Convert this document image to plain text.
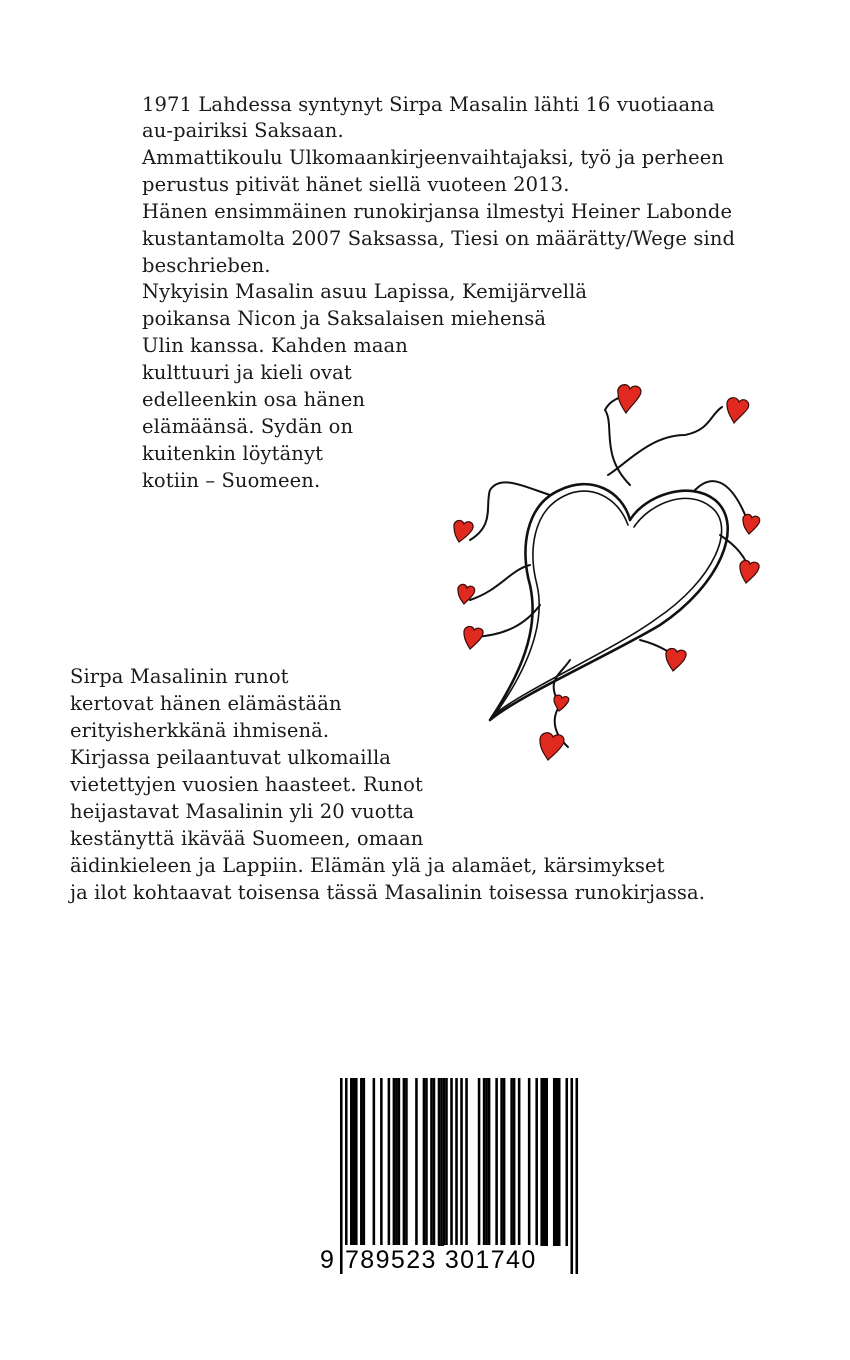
1971 Lahdessa syntynyt Sirpa Masalin lähti 16 vuotiaana
au-pairiksi Saksaan.
Ammattikoulu Ulkomaankirjeenvaihtajaksi, työ ja perheen
perustus pitivät hänet siellä vuoteen 2013.
Hänen ensimmäinen runokirjansa ilmestyi Heiner Labonde
kustantamolta 2007 Saksassa, Tiesi on määrätty/Wege sind
beschrieben.
Nykyisin Masalin asuu Lapissa, Kemijärvellä
poikansa Nicon ja Saksalaisen miehensä
Ulin kanssa. Kahden maan
kulttuuri ja kieli ovat
edelleenkin osa hänen
elämäänsä. Sydän on
kuitenkin löytänyt
kotiin – Suomeen.
Sirpa Masalinin runot
kertovat hänen elämästään
erityisherkkänä ihmisenä.
Kirjassa peilaantuvat ulkomailla
vietettyjen vuosien haasteet. Runot
heijastavat Masalinin yli 20 vuotta
kestänyttä ikävää Suomeen, omaan
äidinkieleen ja Lappiin. Elämän ylä ja alamäet, kärsimykset
ja ilot kohtaavat toisensa tässä Masalinin toisessa runokirjassa.
9 789523 301740
